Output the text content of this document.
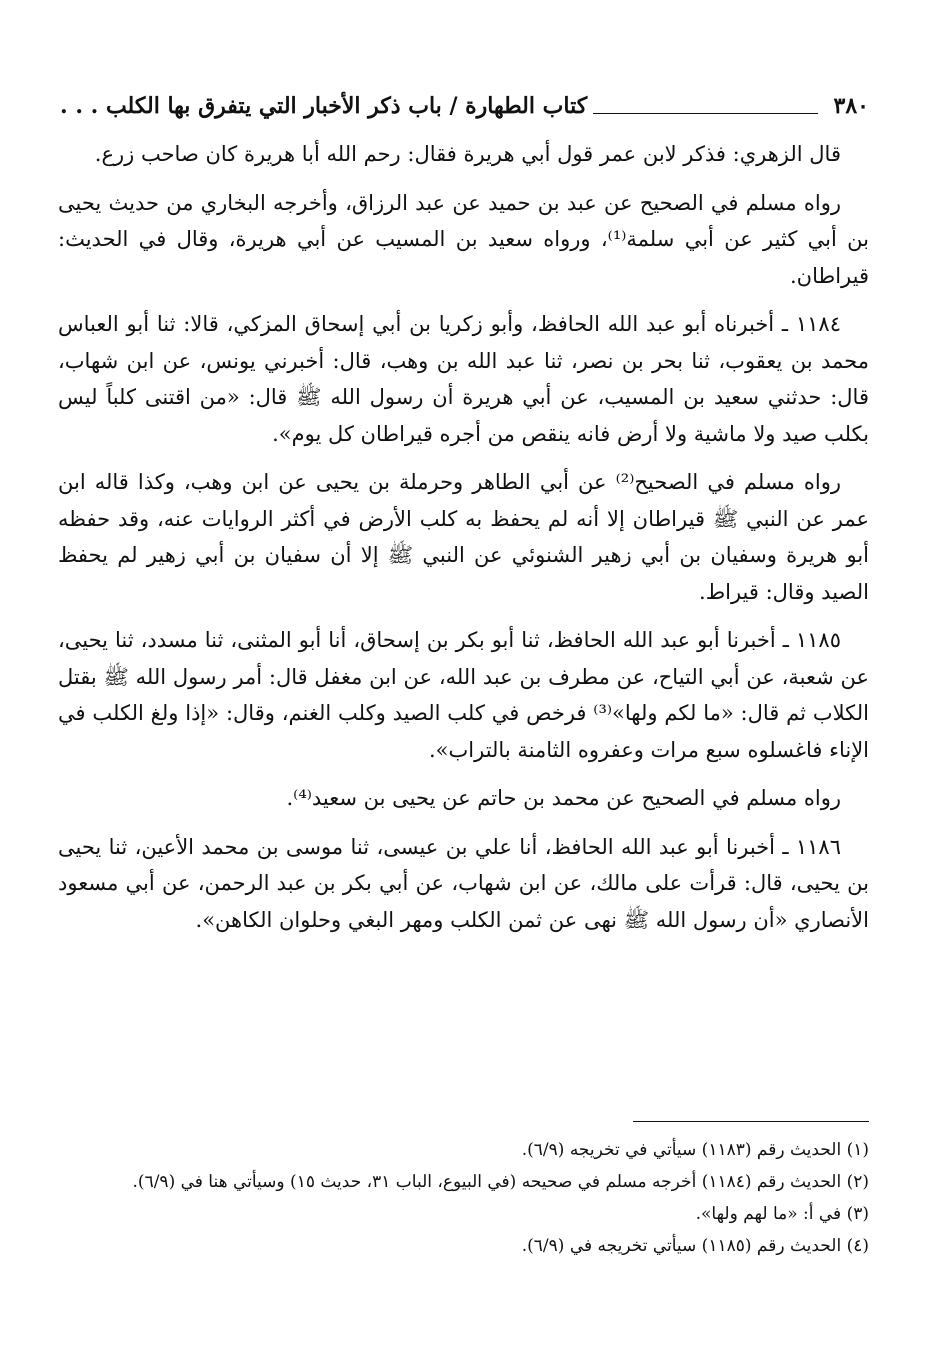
٣٨٠
كتاب الطهارة / باب ذكر الأخبار التي يتفرق بها الكلب . . .

قال الزهري: فذكر لابن عمر قول أبي هريرة فقال: رحم الله أبا هريرة كان صاحب زرع.

رواه مسلم في الصحيح عن عبد بن حميد عن عبد الرزاق، وأخرجه البخاري من حديث يحيى بن أبي كثير عن أبي سلمة⁽¹⁾، ورواه سعيد بن المسيب عن أبي هريرة، وقال في الحديث: قيراطان.

١١٨٤ ـ أخبرناه أبو عبد الله الحافظ، وأبو زكريا بن أبي إسحاق المزكي، قالا: ثنا أبو العباس محمد بن يعقوب، ثنا بحر بن نصر، ثنا عبد الله بن وهب، قال: أخبرني يونس، عن ابن شهاب، قال: حدثني سعيد بن المسيب، عن أبي هريرة أن رسول الله ﷺ قال: «من اقتنى كلباً ليس بكلب صيد ولا ماشية ولا أرض فانه ينقص من أجره قيراطان كل يوم».

رواه مسلم في الصحيح⁽²⁾ عن أبي الطاهر وحرملة بن يحيى عن ابن وهب، وكذا قاله ابن عمر عن النبي ﷺ قيراطان إلا أنه لم يحفظ به كلب الأرض في أكثر الروايات عنه، وقد حفظه أبو هريرة وسفيان بن أبي زهير الشنوئي عن النبي ﷺ إلا أن سفيان بن أبي زهير لم يحفظ الصيد وقال: قيراط.

١١٨٥ ـ أخبرنا أبو عبد الله الحافظ، ثنا أبو بكر بن إسحاق، أنا أبو المثنى، ثنا مسدد، ثنا يحيى، عن شعبة، عن أبي التياح، عن مطرف بن عبد الله، عن ابن مغفل قال: أمر رسول الله ﷺ بقتل الكلاب ثم قال: «ما لكم ولها»⁽³⁾ فرخص في كلب الصيد وكلب الغنم، وقال: «إذا ولغ الكلب في الإناء فاغسلوه سبع مرات وعفروه الثامنة بالتراب».

رواه مسلم في الصحيح عن محمد بن حاتم عن يحيى بن سعيد⁽⁴⁾.

١١٨٦ ـ أخبرنا أبو عبد الله الحافظ، أنا علي بن عيسى، ثنا موسى بن محمد الأعين، ثنا يحيى بن يحيى، قال: قرأت على مالك، عن ابن شهاب، عن أبي بكر بن عبد الرحمن، عن أبي مسعود الأنصاري «أن رسول الله ﷺ نهى عن ثمن الكلب ومهر البغي وحلوان الكاهن».

(١) الحديث رقم (١١٨٣) سيأتي في تخريجه (٦/٩).

(٢) الحديث رقم (١١٨٤) أخرجه مسلم في صحيحه (في البيوع، الباب ٣١، حديث ١٥) وسيأتي هنا في (٦/٩).

(٣) في أ: «ما لهم ولها».

(٤) الحديث رقم (١١٨٥) سيأتي تخريجه في (٦/٩).
